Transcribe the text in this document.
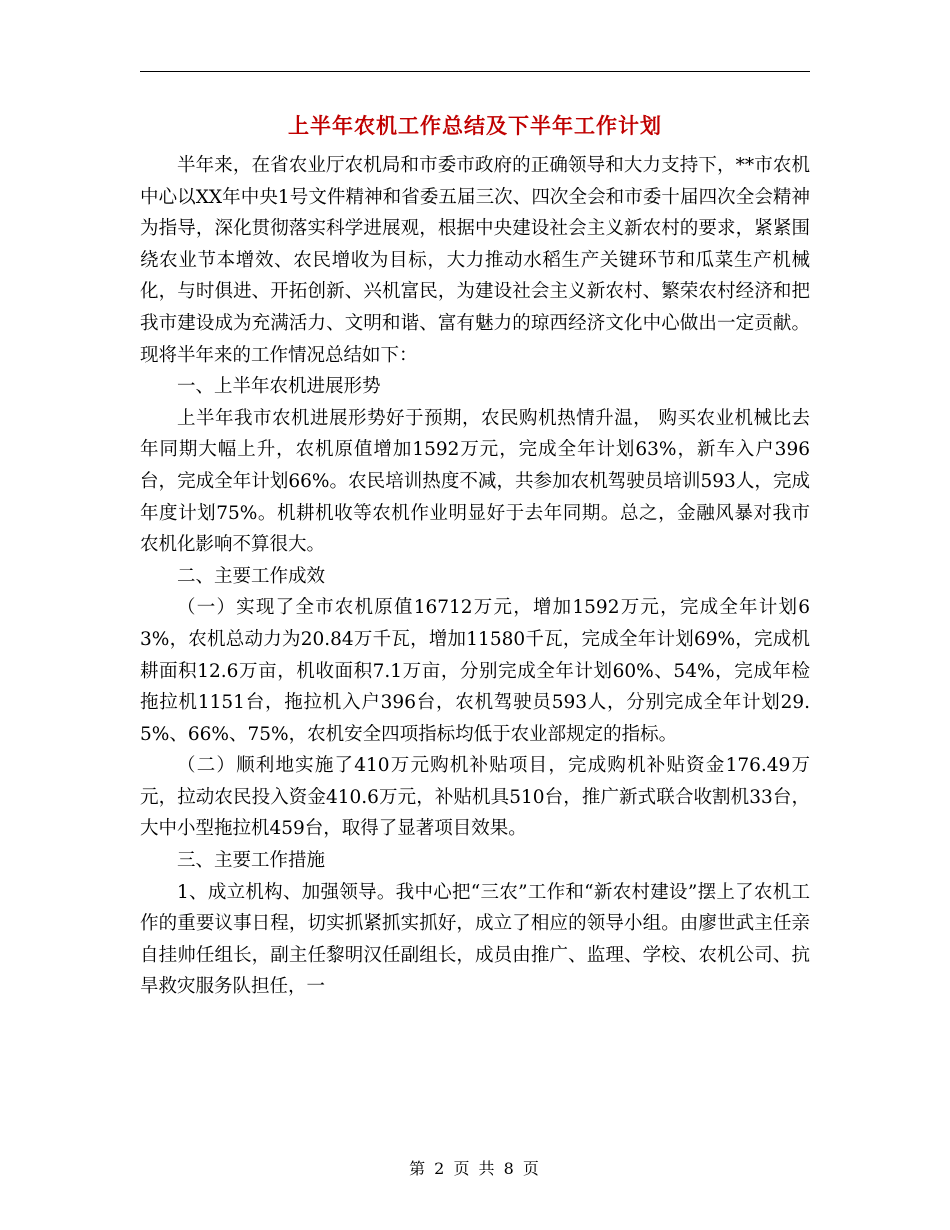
上半年农机工作总结及下半年工作计划

半年来，在省农业厅农机局和市委市政府的正确领导和大力支持下，**市农机中心以XX年中央1号文件精神和省委五届三次、四次全会和市委十届四次全会精神为指导，深化贯彻落实科学进展观，根据中央建设社会主义新农村的要求，紧紧围绕农业节本增效、农民增收为目标，大力推动水稻生产关键环节和瓜菜生产机械化，与时俱进、开拓创新、兴机富民，为建设社会主义新农村、繁荣农村经济和把我市建设成为充满活力、文明和谐、富有魅力的琼西经济文化中心做出一定贡献。现将半年来的工作情况总结如下：

一、上半年农机进展形势

上半年我市农机进展形势好于预期，农民购机热情升温， 购买农业机械比去年同期大幅上升，农机原值增加1592万元，完成全年计划63%，新车入户396台，完成全年计划66%。农民培训热度不减，共参加农机驾驶员培训593人，完成年度计划75%。机耕机收等农机作业明显好于去年同期。总之，金融风暴对我市农机化影响不算很大。

二、主要工作成效

（一）实现了全市农机原值16712万元，增加1592万元，完成全年计划63%，农机总动力为20.84万千瓦，增加11580千瓦，完成全年计划69%，完成机耕面积12.6万亩，机收面积7.1万亩，分别完成全年计划60%、54%，完成年检拖拉机1151台，拖拉机入户396台，农机驾驶员593人，分别完成全年计划29.5%、66%、75%，农机安全四项指标均低于农业部规定的指标。

（二）顺利地实施了410万元购机补贴项目，完成购机补贴资金176.49万元，拉动农民投入资金410.6万元，补贴机具510台，推广新式联合收割机33台，大中小型拖拉机459台，取得了显著项目效果。

三、主要工作措施

1、成立机构、加强领导。我中心把“三农”工作和“新农村建设”摆上了农机工作的重要议事日程，切实抓紧抓实抓好，成立了相应的领导小组。由廖世武主任亲自挂帅任组长，副主任黎明汉任副组长，成员由推广、监理、学校、农机公司、抗旱救灾服务队担任，一

第 2 页 共 8 页
